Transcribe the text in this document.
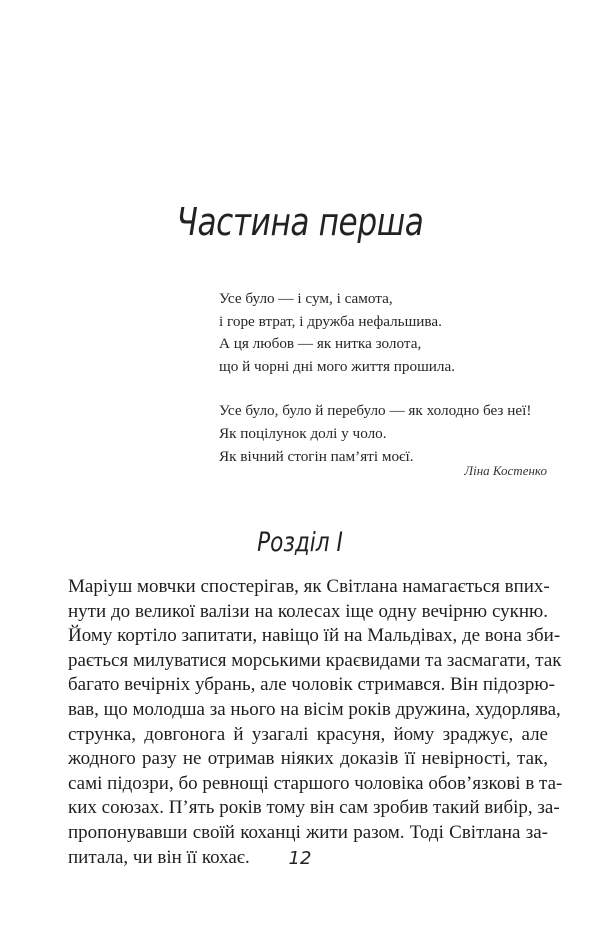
Частина перша

Усе було — і сум, і самота,
і горе втрат, і дружба нефальшива.
А ця любов — як нитка золота,
що й чорні дні мого життя прошила.

Усе було, було й перебуло — як холодно без неї!
Як поцілунок долі у чоло.
Як вічний стогін пам’яті моєї.

Ліна Костенко
Розділ І
Маріуш мовчки спостерігав, як Світлана намагається впих-
нути до великої валізи на колесах іще одну вечірню сукню.
Йому кортіло запитати, навіщо їй на Мальдівах, де вона зби-
рається милуватися морськими краєвидами та засмагати, так
багато вечірніх убрань, але чоловік стримався. Він підозрю-
вав, що молодша за нього на вісім років дружина, худорлява,
струнка, довгонога й узагалі красуня, йому зраджує, але
жодного разу не отримав ніяких доказів її невірності, так,
самі підозри, бо ревнощі старшого чоловіка обов’язкові в та-
ких союзах. П’ять років тому він сам зробив такий вибір, за-
пропонувавши своїй коханці жити разом. Тоді Світлана за-
питала, чи він її кохає.	12
